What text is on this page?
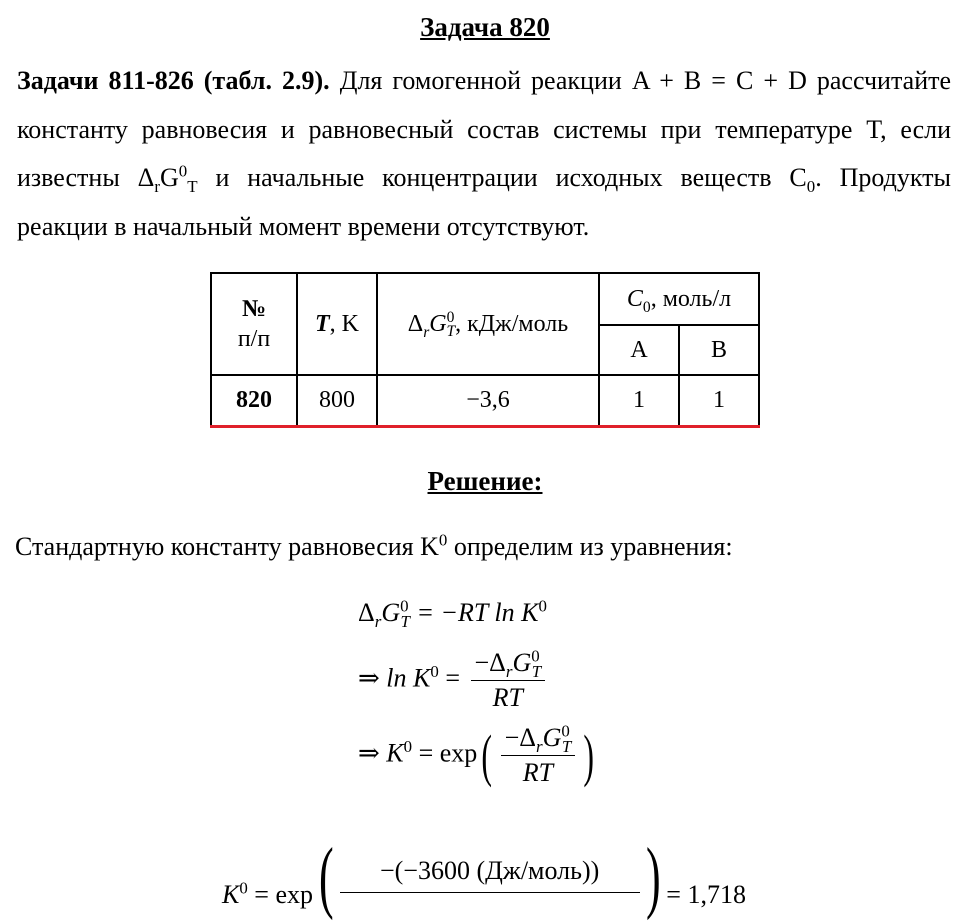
Задача 820
Задачи 811-826 (табл. 2.9). Для гомогенной реакции A + B = C + D рассчитайте константу равновесия и равновесный состав системы при температуре T, если известны $\Delta_rG^0_T$ и начальные концентрации исходных веществ $C_0$. Продукты реакции в начальный момент времени отсутствуют.
№
п/п	T, K	$\Delta_rG^0_T$, кДж/моль	$C_0$, моль/л	
			A	B
820	800	−3,6	1	1
Решение:
Стандартную константу равновесия $K^0$ определим из уравнения:
$\Delta_rG^0_T = -RT$ $\ln K^0$
⇒ $\ln K^0 = \frac{-\Delta_rG^0_T}{RT}$
⇒ $K^0 = \exp( \frac{-\Delta_rG^0_T}{RT}$ )
$K^0 = \exp( -(-3600$ (Дж/моль)) ) = 1,718
